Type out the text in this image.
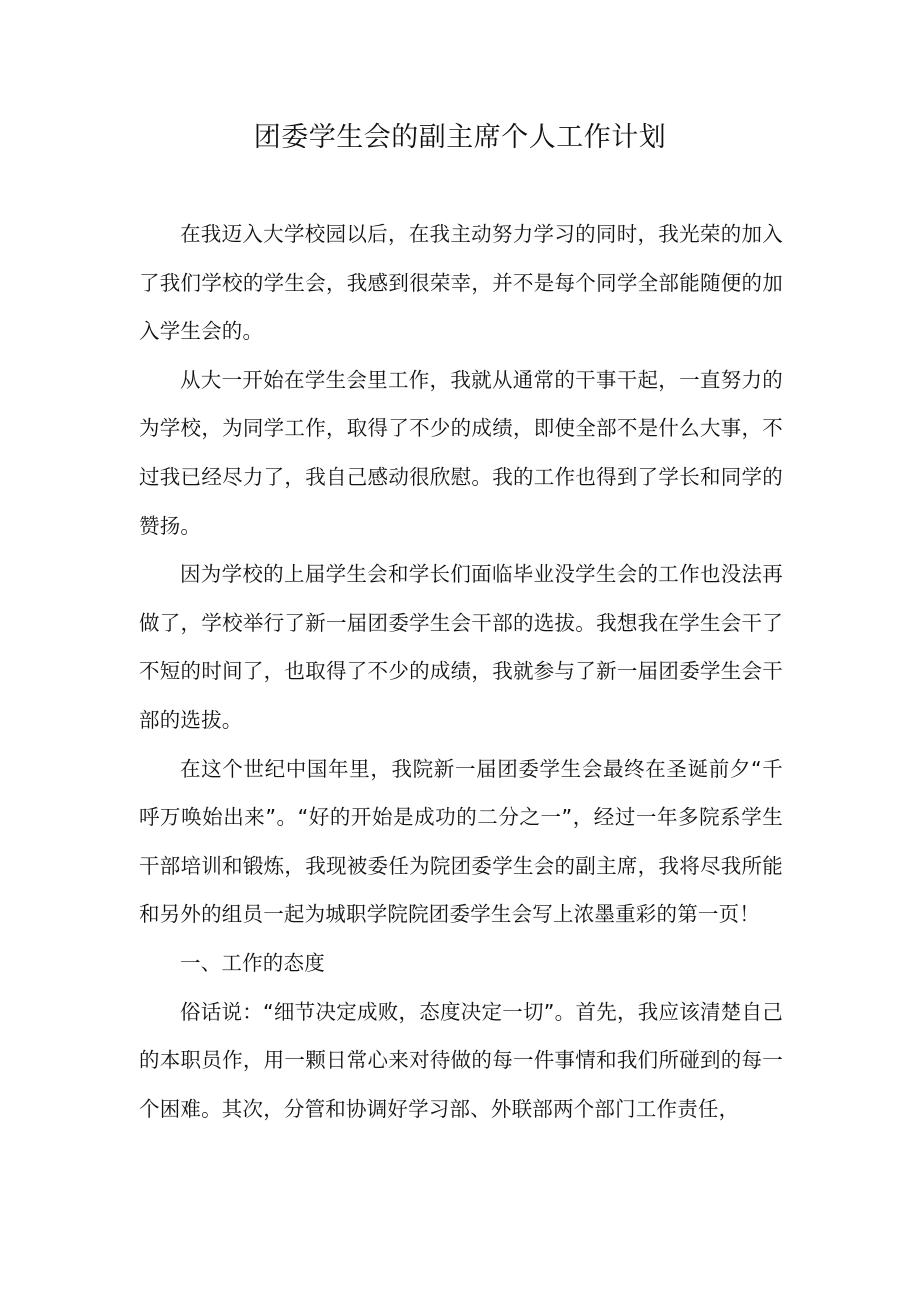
团委学生会的副主席个人工作计划

在我迈入大学校园以后，在我主动努力学习的同时，我光荣的加入了我们学校的学生会，我感到很荣幸，并不是每个同学全部能随便的加入学生会的。

从大一开始在学生会里工作，我就从通常的干事干起，一直努力的为学校，为同学工作，取得了不少的成绩，即使全部不是什么大事，不过我已经尽力了，我自己感动很欣慰。我的工作也得到了学长和同学的赞扬。

因为学校的上届学生会和学长们面临毕业没学生会的工作也没法再做了，学校举行了新一届团委学生会干部的选拔。我想我在学生会干了不短的时间了，也取得了不少的成绩，我就参与了新一届团委学生会干部的选拔。

在这个世纪中国年里，我院新一届团委学生会最终在圣诞前夕“千呼万唤始出来”。“好的开始是成功的二分之一”，经过一年多院系学生干部培训和锻炼，我现被委任为院团委学生会的副主席，我将尽我所能和另外的组员一起为城职学院院团委学生会写上浓墨重彩的第一页！

一、工作的态度

俗话说：“细节决定成败，态度决定一切”。首先，我应该清楚自己的本职员作，用一颗日常心来对待做的每一件事情和我们所碰到的每一个困难。其次，分管和协调好学习部、外联部两个部门工作责任，
